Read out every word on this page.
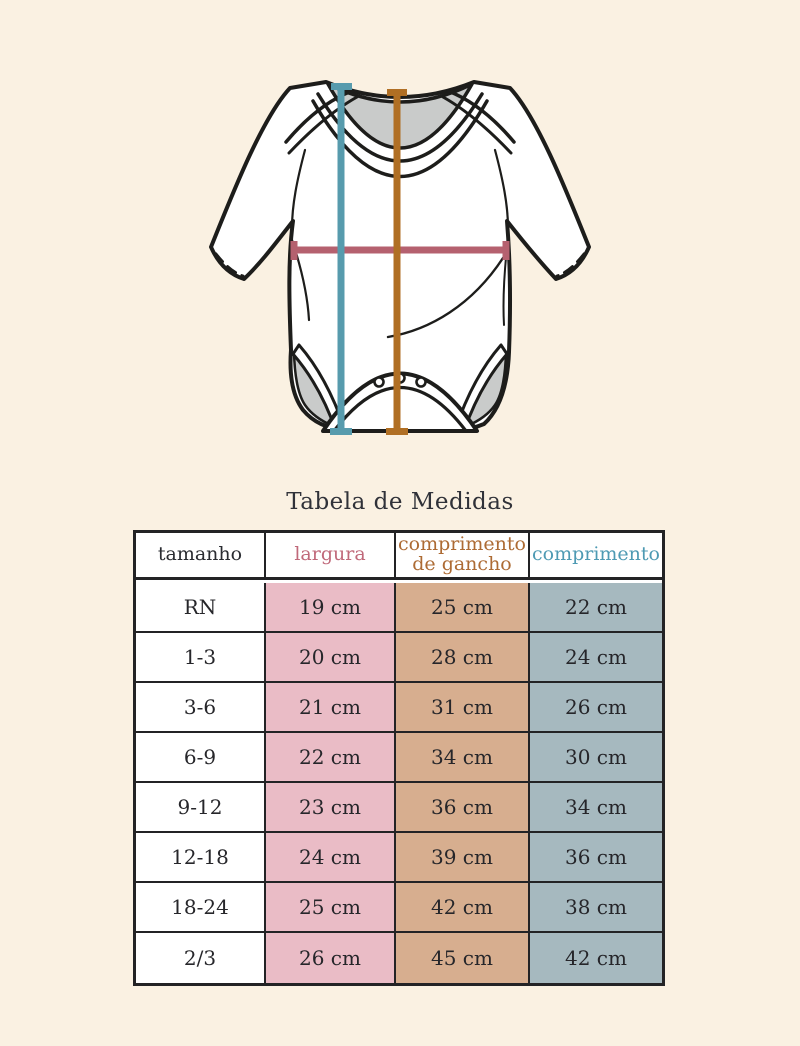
Tabela de Medidas
tamanho	largura	comprimento de gancho	comprimento
RN	19 cm	25 cm	22 cm
1-3	20 cm	28 cm	24 cm
3-6	21 cm	31 cm	26 cm
6-9	22 cm	34 cm	30 cm
9-12	23 cm	36 cm	34 cm
12-18	24 cm	39 cm	36 cm
18-24	25 cm	42 cm	38 cm
2/3	26 cm	45 cm	42 cm
